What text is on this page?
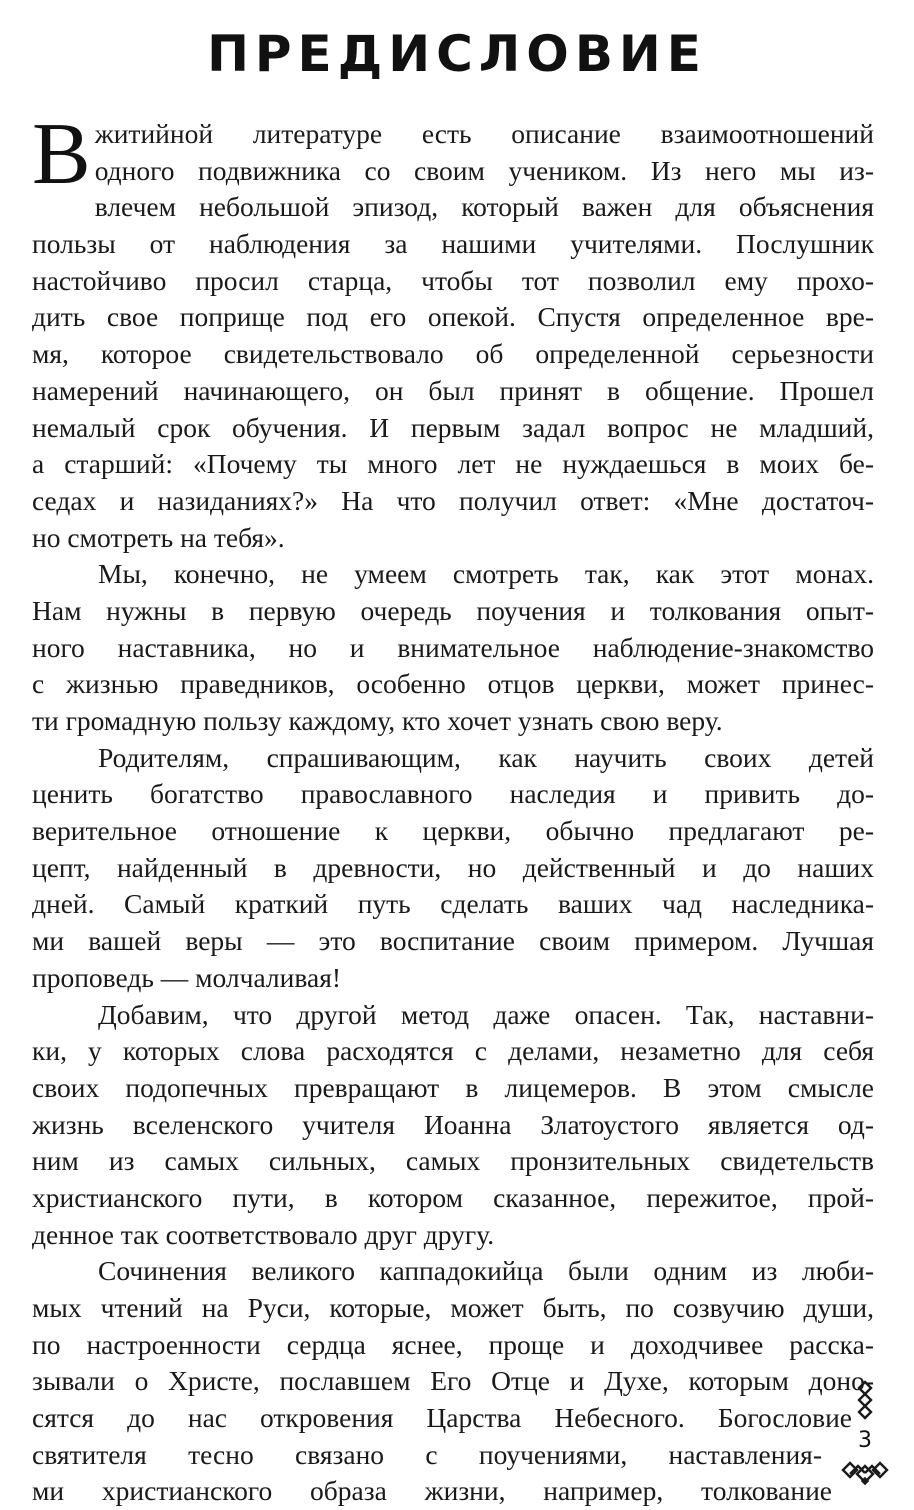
ПРЕДИСЛОВИЕ
Вжитийной литературе есть описание взаимоотношений
одного подвижника со своим учеником. Из него мы из-
влечем небольшой эпизод, который важен для объяснения
пользы от наблюдения за нашими учителями. Послушник
настойчиво просил старца, чтобы тот позволил ему прохо-
дить свое поприще под его опекой. Спустя определенное вре-
мя, которое свидетельствовало об определенной серьезности
намерений начинающего, он был принят в общение. Прошел
немалый срок обучения. И первым задал вопрос не младший,
а старший: «Почему ты много лет не нуждаешься в моих бе-
седах и назиданиях?» На что получил ответ: «Мне достаточ-
но смотреть на тебя».
Мы, конечно, не умеем смотреть так, как этот монах.
Нам нужны в первую очередь поучения и толкования опыт-
ного наставника, но и внимательное наблюдение-знакомство
с жизнью праведников, особенно отцов церкви, может принес-
ти громадную пользу каждому, кто хочет узнать свою веру.
Родителям, спрашивающим, как научить своих детей
ценить богатство православного наследия и привить до-
верительное отношение к церкви, обычно предлагают ре-
цепт, найденный в древности, но действенный и до наших
дней. Самый краткий путь сделать ваших чад наследника-
ми вашей веры — это воспитание своим примером. Лучшая
проповедь — молчаливая!
Добавим, что другой метод даже опасен. Так, наставни-
ки, у которых слова расходятся с делами, незаметно для себя
своих подопечных превращают в лицемеров. В этом смысле
жизнь вселенского учителя Иоанна Златоустого является од-
ним из самых сильных, самых пронзительных свидетельств
христианского пути, в котором сказанное, пережитое, прой-
денное так соответствовало друг другу.
Сочинения великого каппадокийца были одним из люби-
мых чтений на Руси, которые, может быть, по созвучию души,
по настроенности сердца яснее, проще и доходчивее расска-
зывали о Христе, пославшем Его Отце и Духе, которым доно-
сятся до нас откровения Царства Небесного. Богословие
святителя тесно связано с поучениями, наставления-
ми христианского образа жизни, например, толкование
3
